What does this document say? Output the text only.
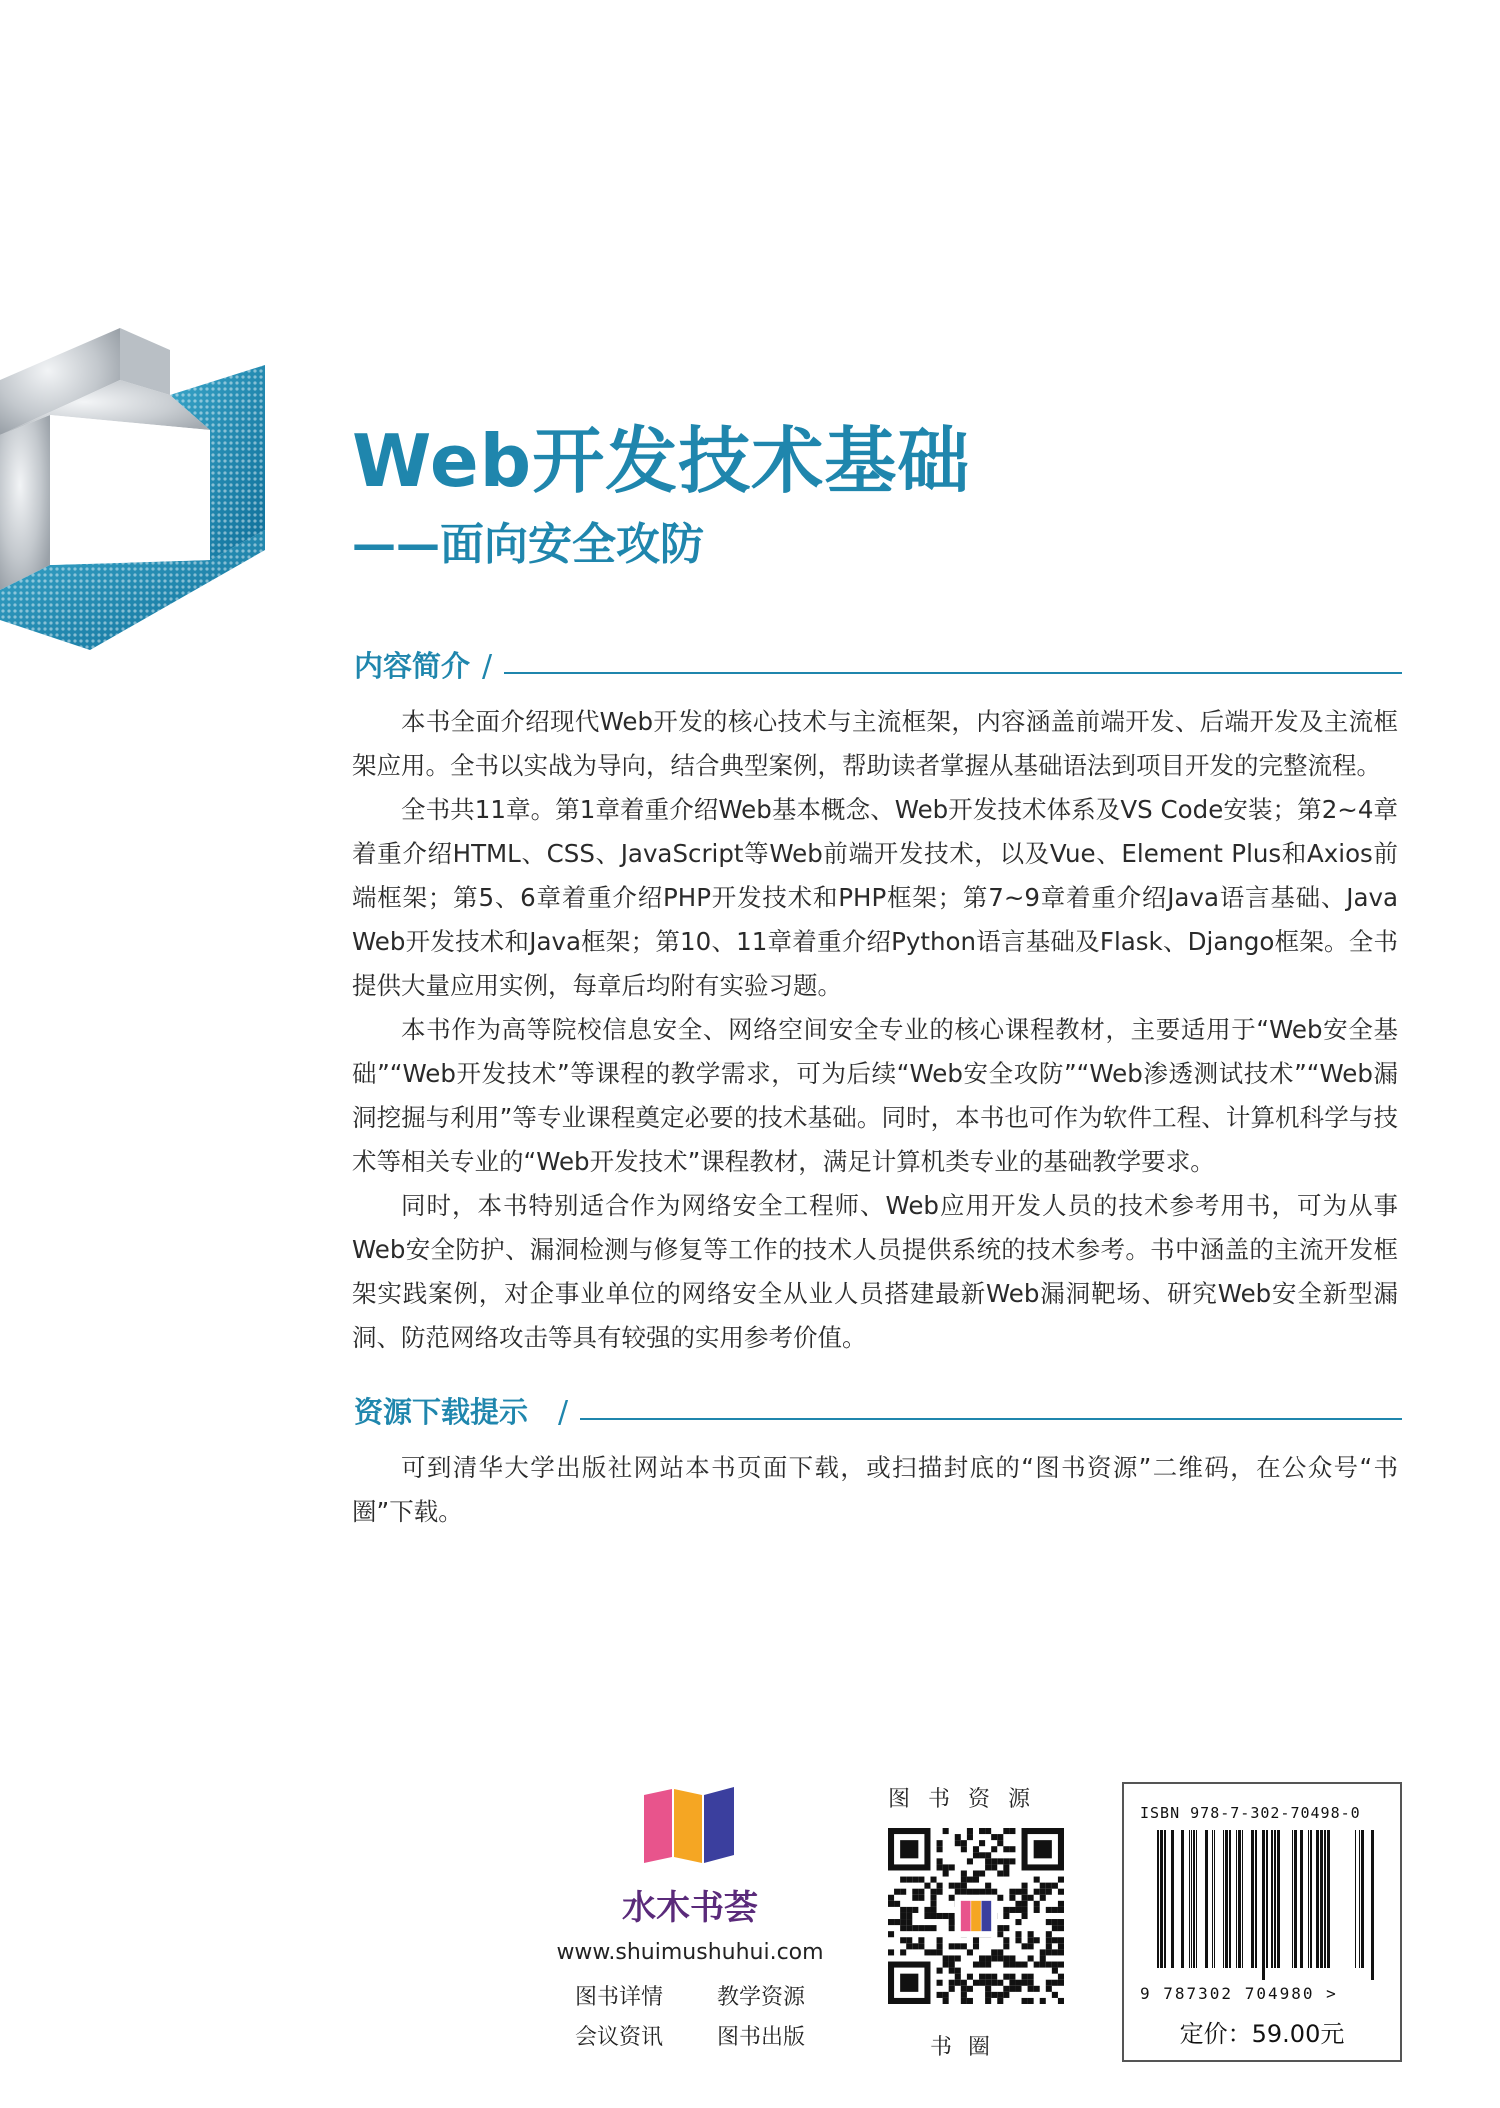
Web开发技术基础
——面向安全攻防
内容简介 /

本书全面介绍现代Web开发的核心技术与主流框架，内容涵盖前端开发、后端开发及主流框架应用。全书以实战为导向，结合典型案例，帮助读者掌握从基础语法到项目开发的完整流程。

全书共11章。第1章着重介绍Web基本概念、Web开发技术体系及VS Code安装；第2~4章着重介绍HTML、CSS、JavaScript等Web前端开发技术，以及Vue、Element Plus和Axios前端框架；第5、6章着重介绍PHP开发技术和PHP框架；第7~9章着重介绍Java语言基础、Java Web开发技术和Java框架；第10、11章着重介绍Python语言基础及Flask、Django框架。全书提供大量应用实例，每章后均附有实验习题。

本书作为高等院校信息安全、网络空间安全专业的核心课程教材，主要适用于“Web安全基础”“Web开发技术”等课程的教学需求，可为后续“Web安全攻防”“Web渗透测试技术”“Web漏洞挖掘与利用”等专业课程奠定必要的技术基础。同时，本书也可作为软件工程、计算机科学与技术等相关专业的“Web开发技术”课程教材，满足计算机类专业的基础教学要求。

同时，本书特别适合作为网络安全工程师、Web应用开发人员的技术参考用书，可为从事Web安全防护、漏洞检测与修复等工作的技术人员提供系统的技术参考。书中涵盖的主流开发框架实践案例，对企事业单位的网络安全从业人员搭建最新Web漏洞靶场、研究Web安全新型漏洞、防范网络攻击等具有较强的实用参考价值。

资源下载提示 /

可到清华大学出版社网站本书页面下载，或扫描封底的“图书资源”二维码，在公众号“书圈”下载。

水木书荟
www.shuimushuhui.com
图书详情 教学资源
会议资讯 图书出版
图书资源
书圈
ISBN 978-7-302-70498-0
9 787302 704980 >
定价：59.00元
